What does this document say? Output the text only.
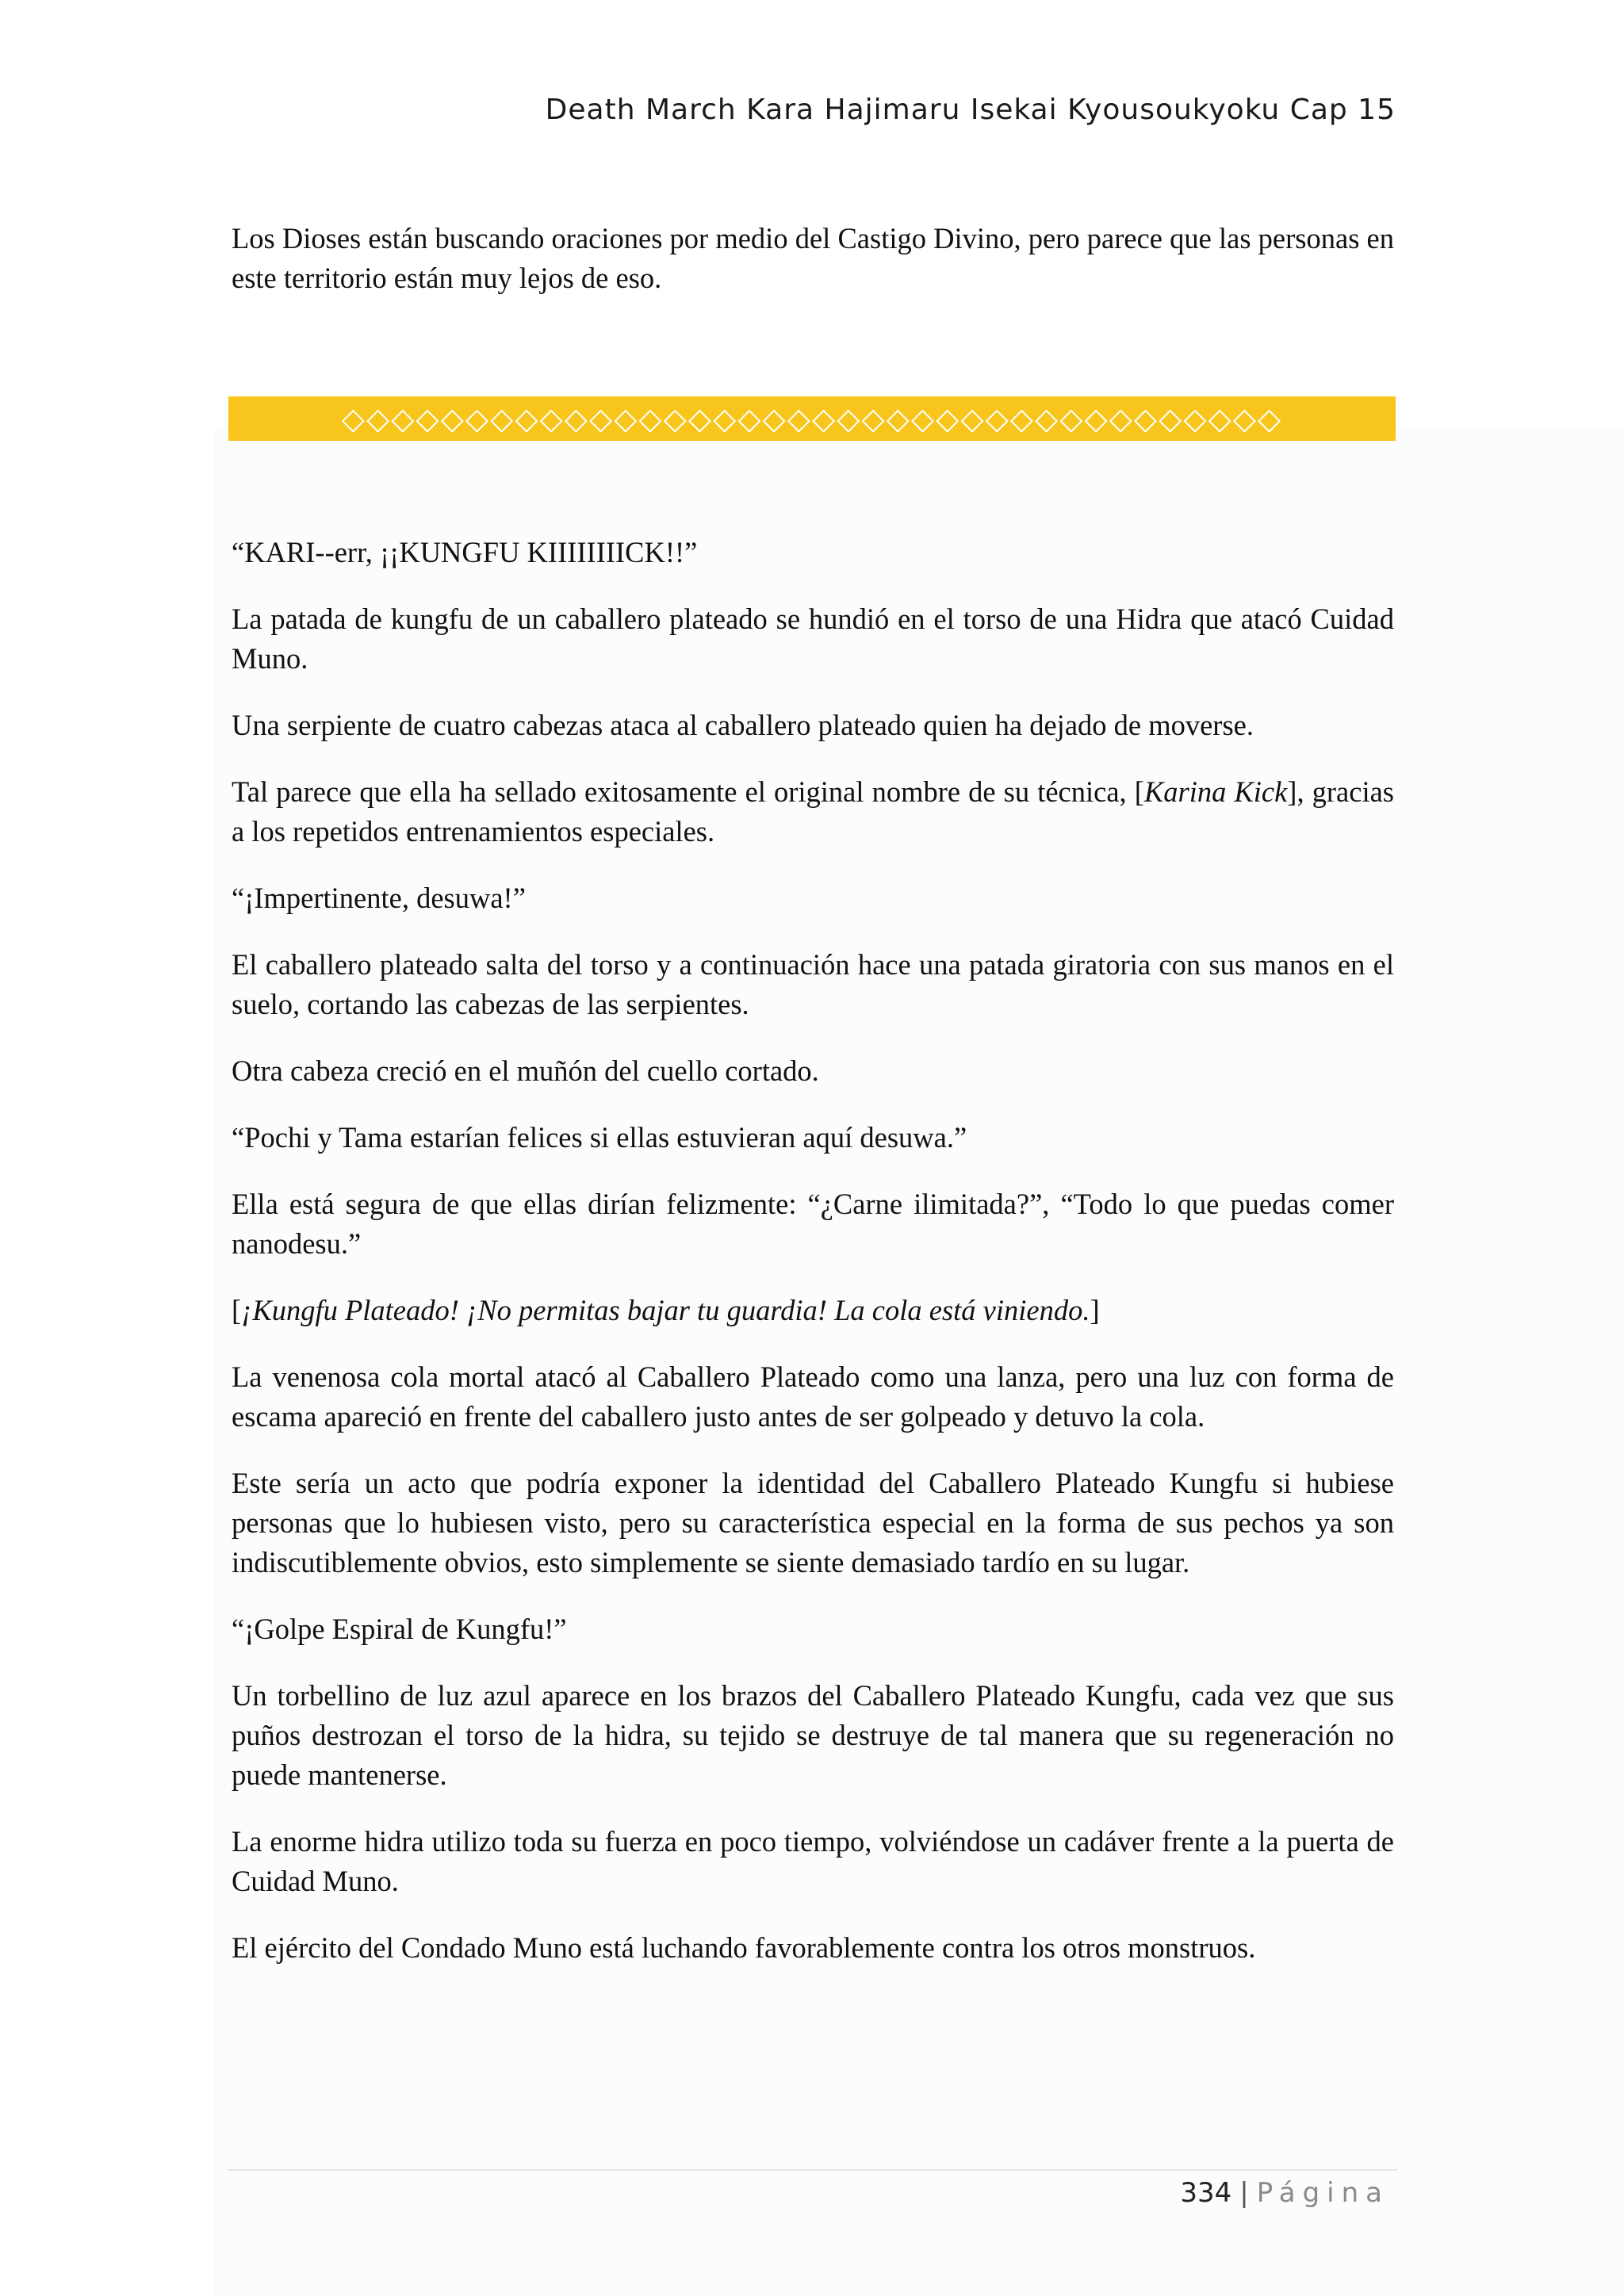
Death March Kara Hajimaru Isekai Kyousoukyoku Cap 15

Los Dioses están buscando oraciones por medio del Castigo Divino, pero parece que las personas en este territorio están muy lejos de eso.

◇◇◇◇◇◇◇◇◇◇◇◇◇◇◇◇◇◇◇◇◇◇◇◇◇◇◇◇◇◇◇◇◇◇◇◇◇◇

“KARI--err, ¡¡KUNGFU KIIIIIIIICK!!”

La patada de kungfu de un caballero plateado se hundió en el torso de una Hidra que atacó Cuidad Muno.

Una serpiente de cuatro cabezas ataca al caballero plateado quien ha dejado de moverse.

Tal parece que ella ha sellado exitosamente el original nombre de su técnica, [Karina Kick], gracias a los repetidos entrenamientos especiales.

“¡Impertinente, desuwa!”

El caballero plateado salta del torso y a continuación hace una patada giratoria con sus manos en el suelo, cortando las cabezas de las serpientes.

Otra cabeza creció en el muñón del cuello cortado.

“Pochi y Tama estarían felices si ellas estuvieran aquí desuwa.”

Ella está segura de que ellas dirían felizmente: “¿Carne ilimitada?”, “Todo lo que puedas comer nanodesu.”

[¡Kungfu Plateado! ¡No permitas bajar tu guardia! La cola está viniendo.]

La venenosa cola mortal atacó al Caballero Plateado como una lanza, pero una luz con forma de escama apareció en frente del caballero justo antes de ser golpeado y detuvo la cola.

Este sería un acto que podría exponer la identidad del Caballero Plateado Kungfu si hubiese personas que lo hubiesen visto, pero su característica especial en la forma de sus pechos ya son indiscutiblemente obvios, esto simplemente se siente demasiado tardío en su lugar.

“¡Golpe Espiral de Kungfu!”

Un torbellino de luz azul aparece en los brazos del Caballero Plateado Kungfu, cada vez que sus puños destrozan el torso de la hidra, su tejido se destruye de tal manera que su regeneración no puede mantenerse.

La enorme hidra utilizo toda su fuerza en poco tiempo, volviéndose un cadáver frente a la puerta de Cuidad Muno.

El ejército del Condado Muno está luchando favorablemente contra los otros monstruos.

334 | Página
